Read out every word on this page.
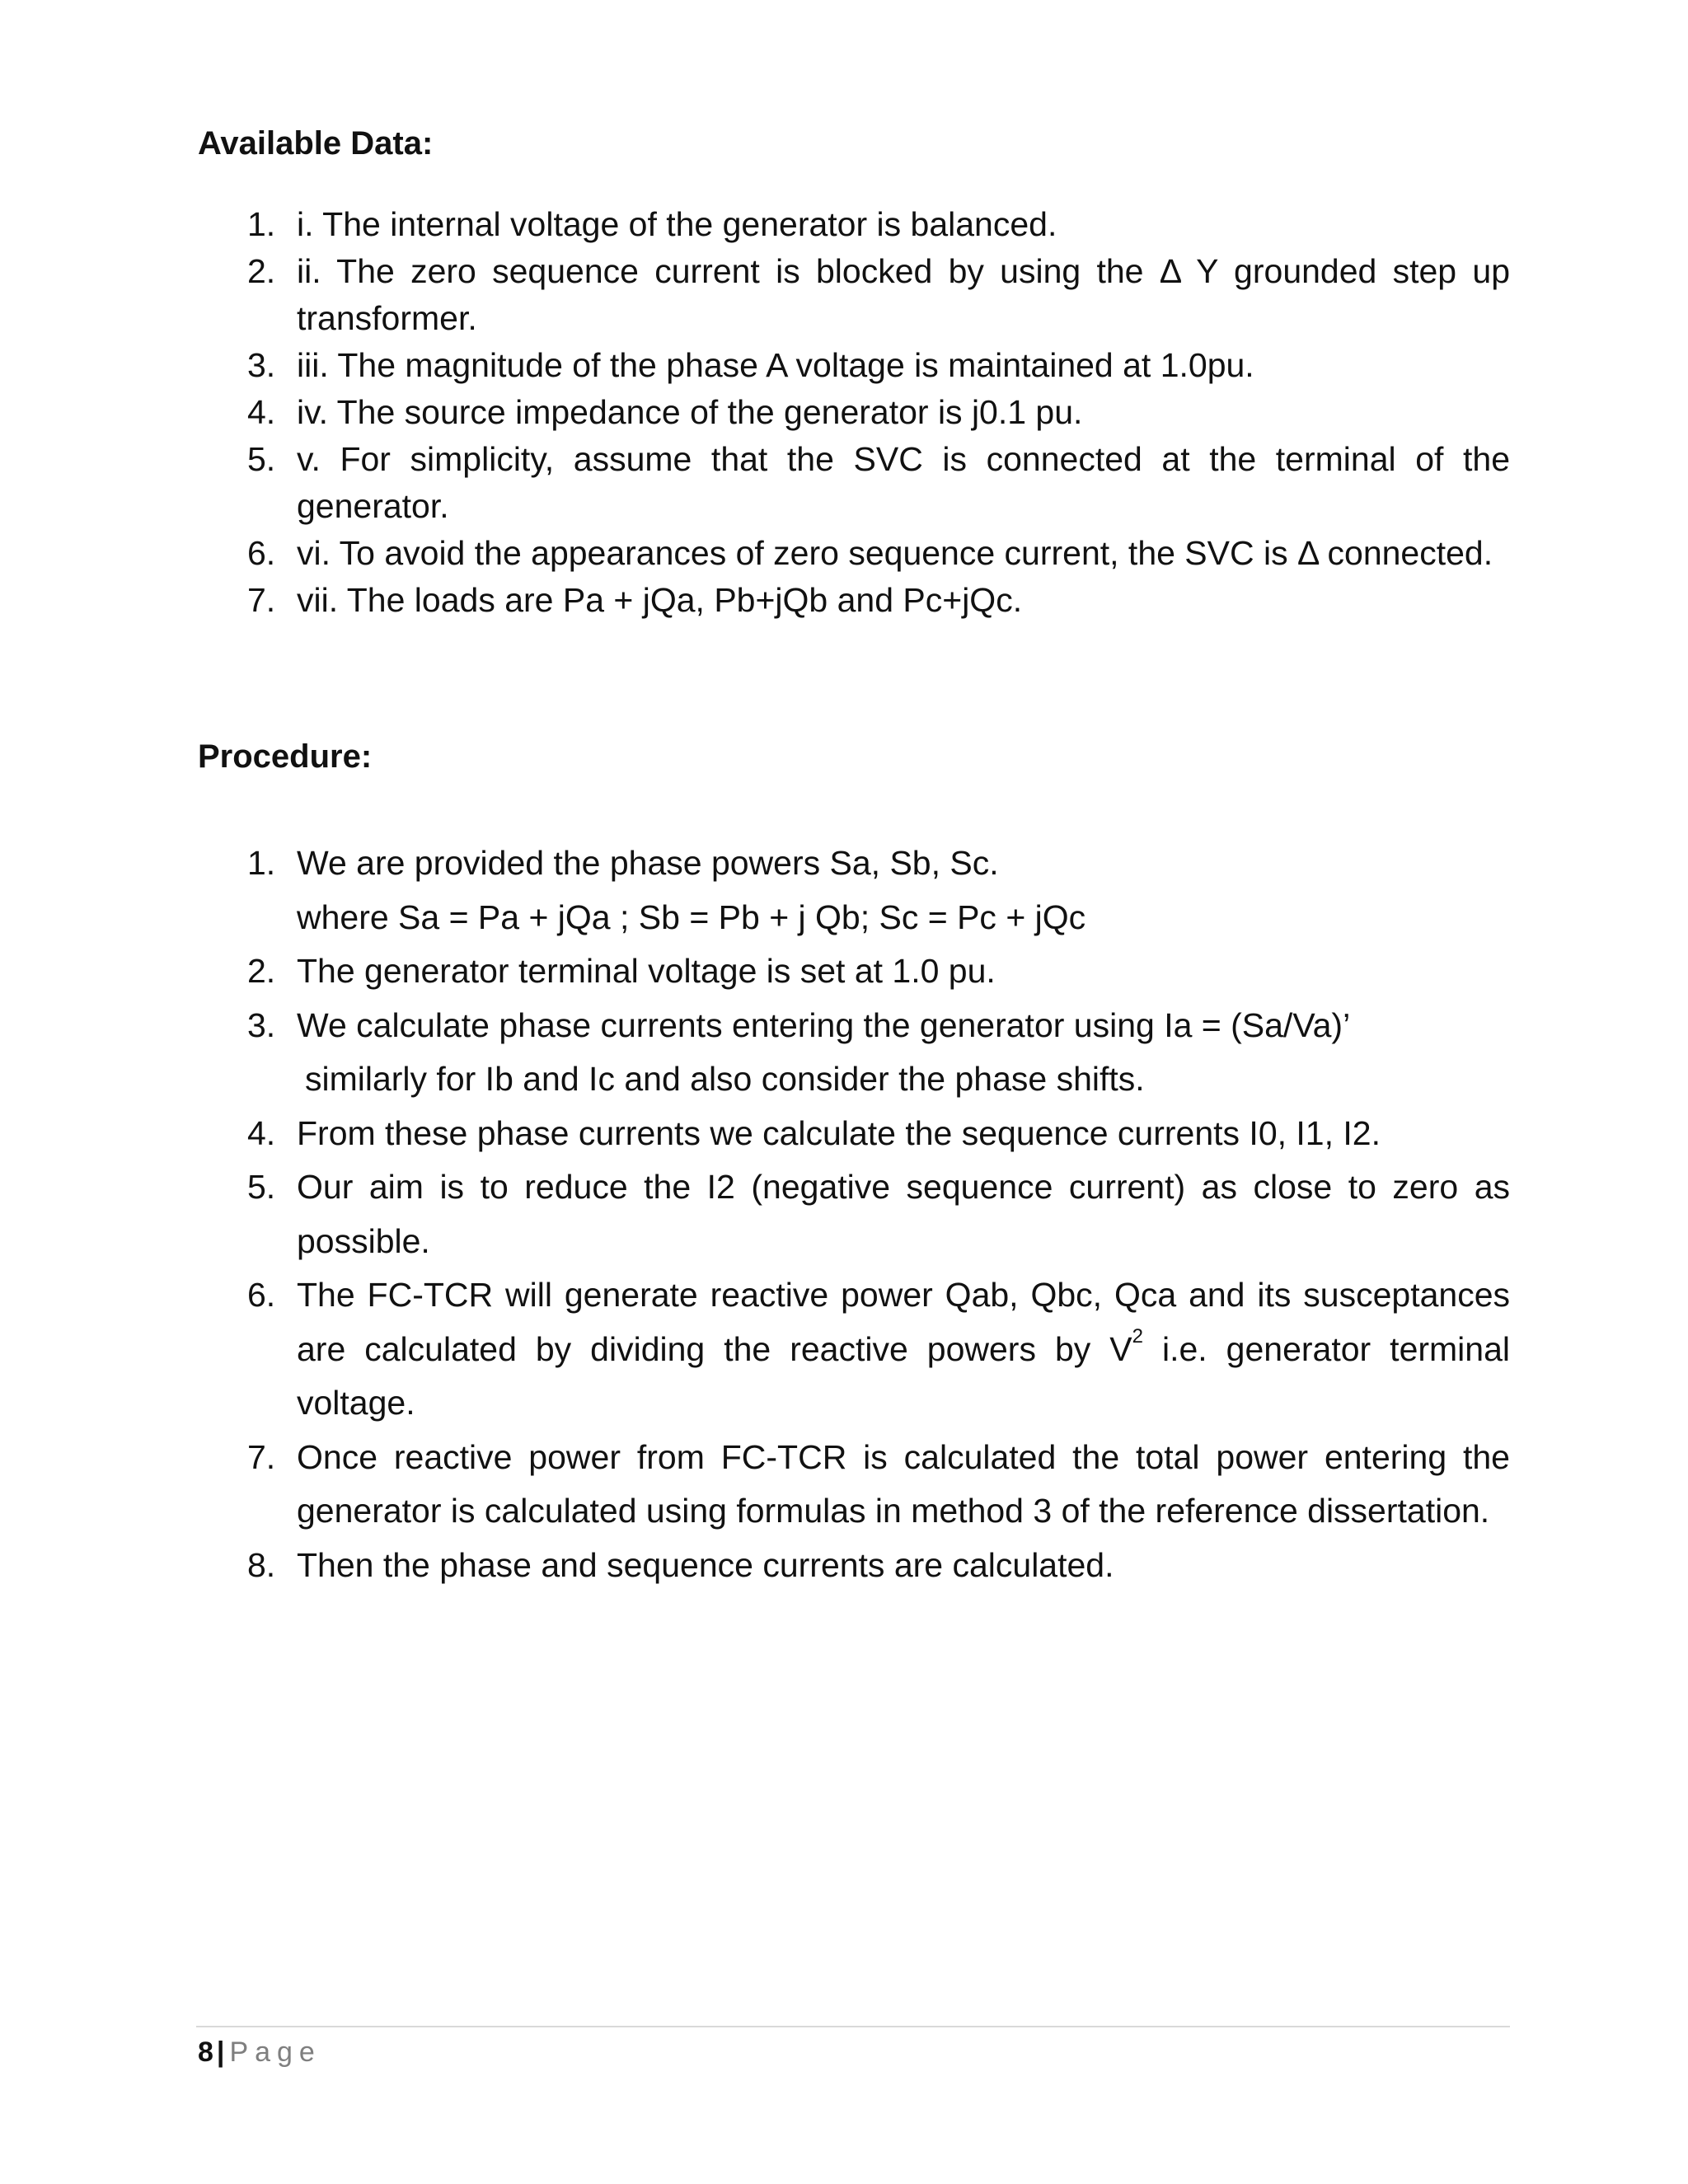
Available Data:
1. i. The internal voltage of the generator is balanced.
2. ii. The zero sequence current is blocked by using the Δ Y grounded step up transformer.
3. iii. The magnitude of the phase A voltage is maintained at 1.0pu.
4. iv. The source impedance of the generator is j0.1 pu.
5. v. For simplicity, assume that the SVC is connected at the terminal of the generator.
6. vi. To avoid the appearances of zero sequence current, the SVC is Δ connected.
7. vii. The loads are Pa + jQa, Pb+jQb and Pc+jQc.
Procedure:
1. We are provided the phase powers Sa, Sb, Sc.
where Sa = Pa + jQa ; Sb = Pb + j Qb; Sc = Pc + jQc
2. The generator terminal voltage is set at 1.0 pu.
3. We calculate phase currents entering the generator using Ia = (Sa/Va)’
similarly for Ib and Ic and also consider the phase shifts.
4. From these phase currents we calculate the sequence currents I0, I1, I2.
5. Our aim is to reduce the I2 (negative sequence current) as close to zero as possible.
6. The FC-TCR will generate reactive power Qab, Qbc, Qca and its susceptances are calculated by dividing the reactive powers by $V^2$ i.e. generator terminal voltage.
7. Once reactive power from FC-TCR is calculated the total power entering the generator is calculated using formulas in method 3 of the reference dissertation.
8. Then the phase and sequence currents are calculated.
8 | Page
